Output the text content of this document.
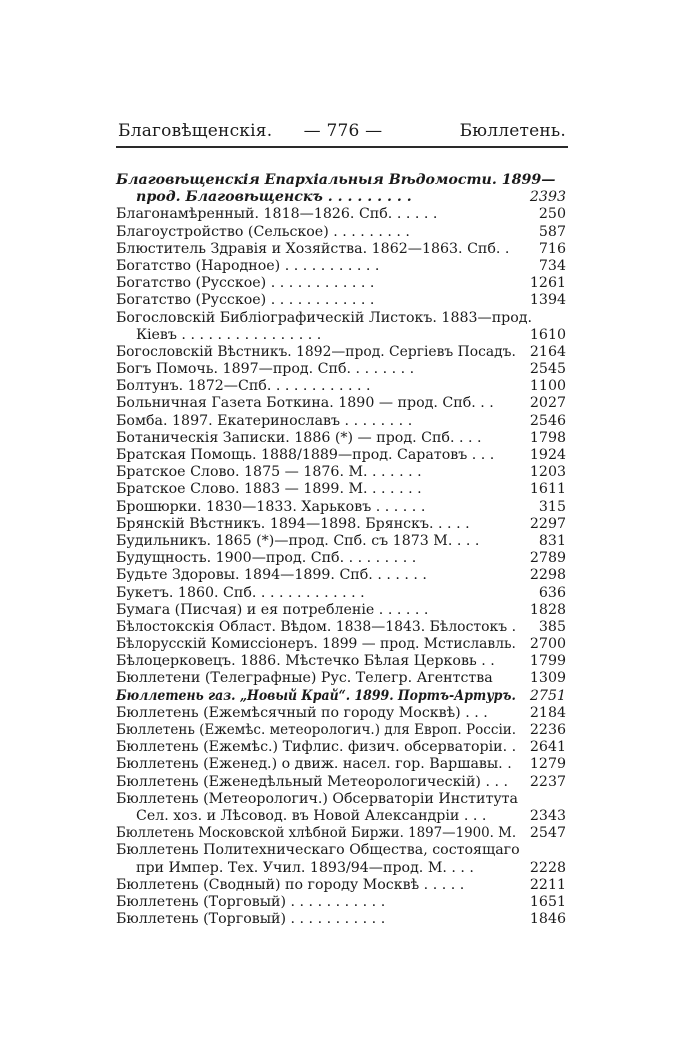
Благовѣщенскія.	— 776 —	Бюллетень.
Благовѣщенскія Епархіальныя Вѣдомости. 1899—
прод. Благовѣщенскъ . . . . . . . . .	2393
Благонамѣренный. 1818—1826. Спб. . . . . .	250
Благоустройство (Сельское) . . . . . . . . .	587
Блюститель Здравія и Хозяйства. 1862—1863. Спб. .	716
Богатство (Народное) . . . . . . . . . . .	734
Богатство (Русское) . . . . . . . . . . . .	1261
Богатство (Русское) . . . . . . . . . . . .	1394
Богословскій Библіографическій Листокъ. 1883—прод.
Кіевъ . . . . . . . . . . . . . . . .	1610
Богословскій Вѣстникъ. 1892—прод. Сергіевъ Посадъ. 2164
Богъ Помочь. 1897—прод. Спб. . . . . . . .	2545
Болтунъ. 1872—Спб. . . . . . . . . . . .	1100
Больничная Газета Боткина. 1890 — прод. Спб. . .	2027
Бомба. 1897. Екатеринославъ . . . . . . . .	2546
Ботаническія Записки. 1886 (*) — прод. Спб. . . .	1798
Братская Помощь. 1888/1889—прод. Саратовъ . . .	1924
Братское Слово. 1875 — 1876. М. . . . . . .	1203
Братское Слово. 1883 — 1899. М. . . . . . .	1611
Брошюрки. 1830—1833. Харьковъ . . . . . .	315
Брянскій Вѣстникъ. 1894—1898. Брянскъ. . . . .	2297
Будильникъ. 1865 (*)—прод. Спб. съ 1873 М. . . .	831
Будущность. 1900—прод. Спб. . . . . . . . .	2789
Будьте Здоровы. 1894—1899. Спб. . . . . . .	2298
Букетъ. 1860. Спб. . . . . . . . . . . . .	636
Бумага (Писчая) и ея потребленіе . . . . . .	1828
Бѣлостокскія Област. Вѣдом. 1838—1843. Бѣлостокъ .	385
Бѣлорусскій Комиссіонеръ. 1899 — прод. Мстиславль. 2700
Бѣлоцерковецъ. 1886. Мѣстечко Бѣлая Церковь . .	1799
Бюллетени (Телеграфные) Рус. Телегр. Агентства	1309
Бюллетень газ. „Новый Край“. 1899. Портъ-Артуръ. 2751
Бюллетень (Ежемѣсячный по городу Москвѣ) . . .	2184
Бюллетень (Ежемѣс. метеорологич.) для Европ. Россіи. 2236
Бюллетень (Ежемѣс.) Тифлис. физич. обсерваторіи. . 2641
Бюллетень (Еженед.) о движ. насел. гор. Варшавы. .	1279
Бюллетень (Еженедѣльный Метеорологическій) . . .	2237
Бюллетень (Метеорологич.) Обсерваторіи Института
Сел. хоз. и Лѣсовод. въ Новой Александріи . . .	2343
Бюллетень Московской хлѣбной Биржи. 1897—1900. М. 2547
Бюллетень Политехническаго Общества, состоящаго
при Импер. Тех. Учил. 1893/94—прод. М. . . .	2228
Бюллетень (Сводный) по городу Москвѣ . . . . .	2211
Бюллетень (Торговый) . . . . . . . . . . .	1651
Бюллетень (Торговый) . . . . . . . . . . .	1846
